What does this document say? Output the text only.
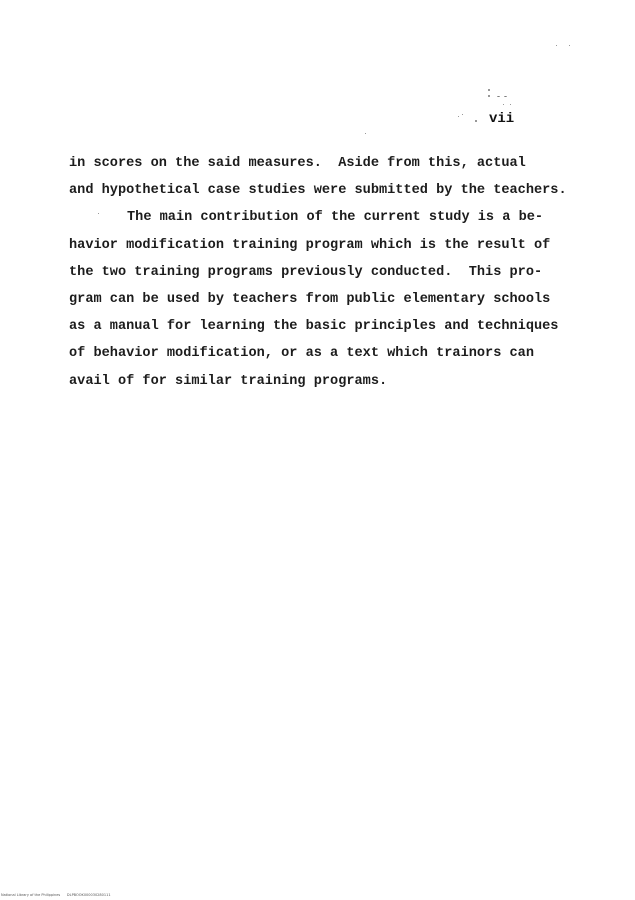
vii
in scores on the said measures.  Aside from this, actual
and hypothetical case studies were submitted by the teachers.
The main contribution of the current study is a be-
havior modification training program which is the result of
the two training programs previously conducted.  This pro-
gram can be used by teachers from public elementary schools
as a manual for learning the basic principles and techniques
of behavior modification, or as a text which trainors can
avail of for similar training programs.
National Library of the Philippines      DLPBOOK000030280111
